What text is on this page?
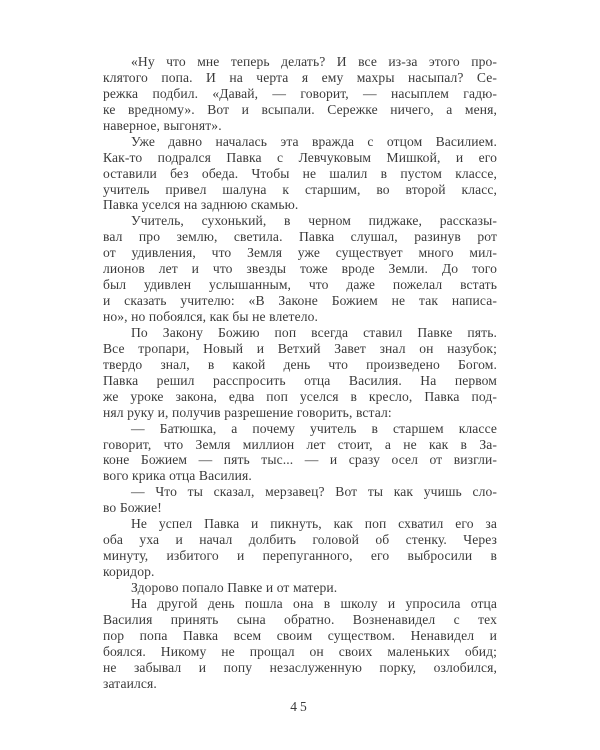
«Ну что мне теперь делать? И все из-за этого про-
клятого попа. И на черта я ему махры насыпал? Се-
режка подбил. «Давай, — говорит, — насыплем гадю-
ке вредному». Вот и всыпали. Сережке ничего, а меня,
наверное, выгонят».
Уже давно началась эта вражда с отцом Василием.
Как-то подрался Павка с Левчуковым Мишкой, и его
оставили без обеда. Чтобы не шалил в пустом классе,
учитель привел шалуна к старшим, во второй класс,
Павка уселся на заднюю скамью.
Учитель, сухонький, в черном пиджаке, рассказы-
вал про землю, светила. Павка слушал, разинув рот
от удивления, что Земля уже существует много мил-
лионов лет и что звезды тоже вроде Земли. До того
был удивлен услышанным, что даже пожелал встать
и сказать учителю: «В Законе Божием не так написа-
но», но побоялся, как бы не влетело.
По Закону Божию поп всегда ставил Павке пять.
Все тропари, Новый и Ветхий Завет знал он назубок;
твердо знал, в какой день что произведено Богом.
Павка решил расспросить отца Василия. На первом
же уроке закона, едва поп уселся в кресло, Павка под-
нял руку и, получив разрешение говорить, встал:
— Батюшка, а почему учитель в старшем классе
говорит, что Земля миллион лет стоит, а не как в За-
коне Божием — пять тыс... — и сразу осел от визгли-
вого крика отца Василия.
— Что ты сказал, мерзавец? Вот ты как учишь сло-
во Божие!
Не успел Павка и пикнуть, как поп схватил его за
оба уха и начал долбить головой об стенку. Через
минуту, избитого и перепуганного, его выбросили в
коридор.
Здорово попало Павке и от матери.
На другой день пошла она в школу и упросила отца
Василия принять сына обратно. Возненавидел с тех
пор попа Павка всем своим существом. Ненавидел и
боялся. Никому не прощал он своих маленьких обид;
не забывал и попу незаслуженную порку, озлобился,
затаился.
45
